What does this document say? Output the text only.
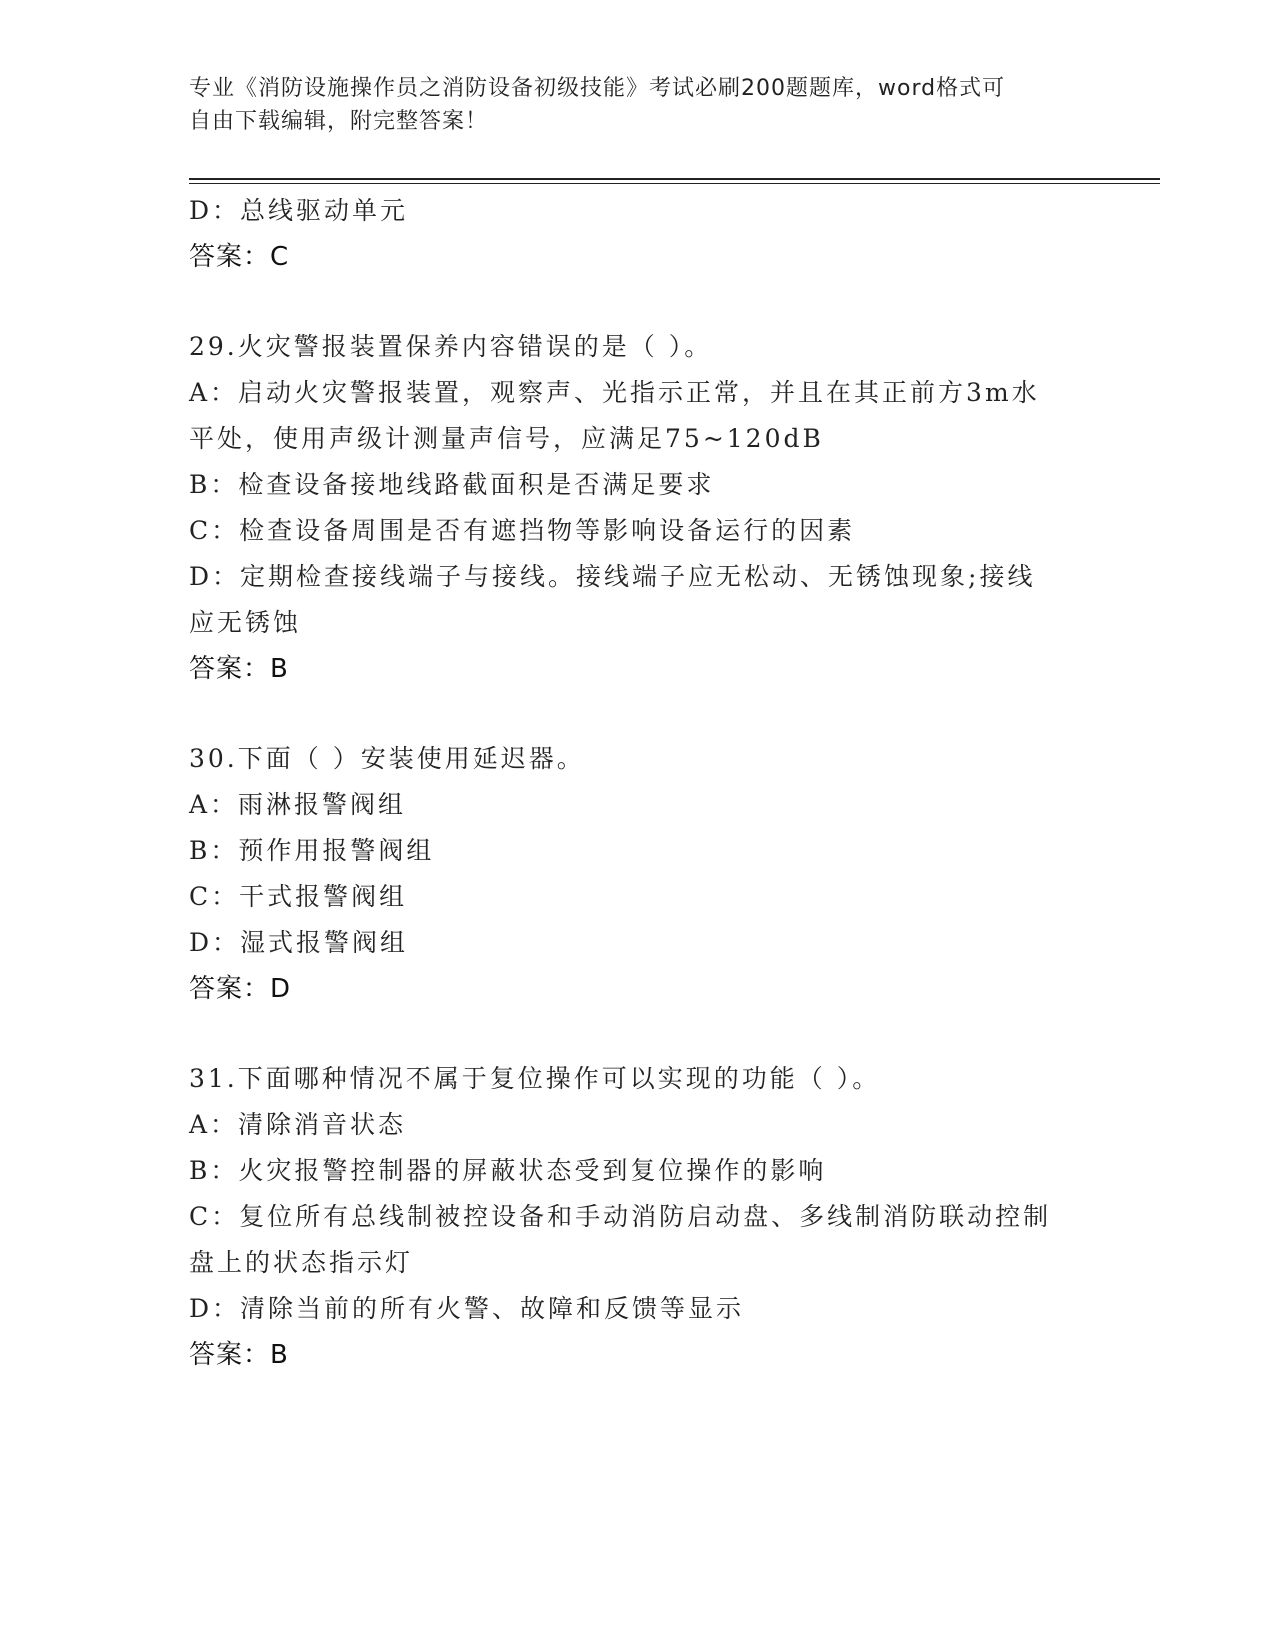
专业《消防设施操作员之消防设备初级技能》考试必刷200题题库，word格式可
自由下载编辑，附完整答案！
D：总线驱动单元
答案：C
29.火灾警报装置保养内容错误的是（ ）。
A：启动火灾警报装置，观察声、光指示正常，并且在其正前方3m水
平处，使用声级计测量声信号，应满足75~120dB
B：检查设备接地线路截面积是否满足要求
C：检查设备周围是否有遮挡物等影响设备运行的因素
D：定期检查接线端子与接线。接线端子应无松动、无锈蚀现象;接线
应无锈蚀
答案：B
30.下面（ ）安装使用延迟器。
A：雨淋报警阀组
B：预作用报警阀组
C：干式报警阀组
D：湿式报警阀组
答案：D
31.下面哪种情况不属于复位操作可以实现的功能（ ）。
A：清除消音状态
B：火灾报警控制器的屏蔽状态受到复位操作的影响
C：复位所有总线制被控设备和手动消防启动盘、多线制消防联动控制
盘上的状态指示灯
D：清除当前的所有火警、故障和反馈等显示
答案：B
